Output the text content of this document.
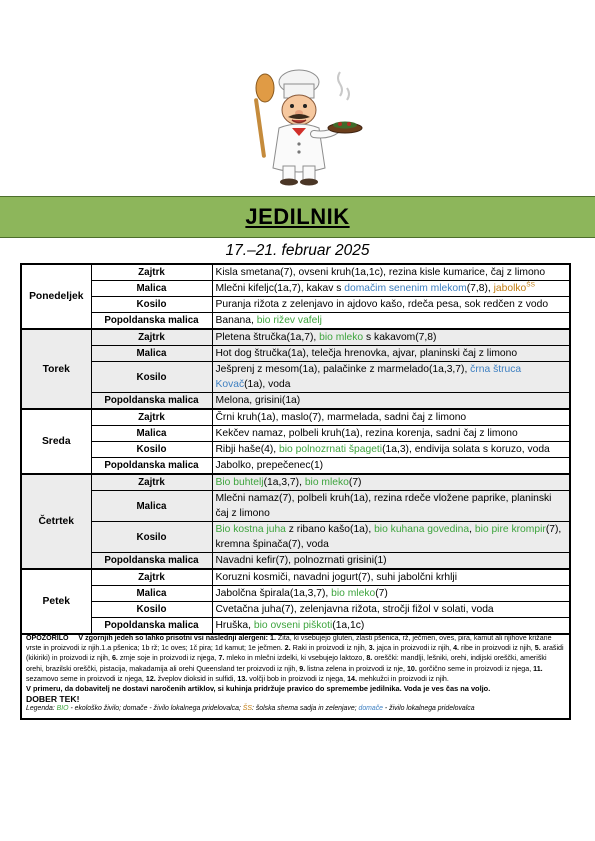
JEDILNIK
17.–21. februar 2025
Ponedeljek	Zajtrk	Kisla smetana(7), ovseni kruh(1a,1c), rezina kisle kumarice, čaj z limono
	Malica	Mlečni kifeljc(1a,7), kakav s domačim senenim mlekom(7,8), jabolko$^{ŠS}$
	Kosilo	Puranja rižota z zelenjavo in ajdovo kašo, rdeča pesa, sok redčen z vodo
	Popoldanska malica	Banana, bio rižev vafelj
Torek	Zajtrk	Pletena štručka(1a,7), bio mleko s kakavom(7,8)
	Malica	Hot dog štručka(1a), telečja hrenovka, ajvar, planinski čaj z limono
	Kosilo	Ješprenj z mesom(1a), palačinke z marmelado(1a,3,7), črna štruca Kovač(1a), voda
	Popoldanska malica	Melona, grisini(1a)
Sreda	Zajtrk	Črni kruh(1a), maslo(7), marmelada, sadni čaj z limono
	Malica	Kekčev namaz, polbeli kruh(1a), rezina korenja, sadni čaj z limono
	Kosilo	Ribji haše(4), bio polnozrnati špageti(1a,3), endivija solata s koruzo, voda
	Popoldanska malica	Jabolko, prepečenec(1)
Četrtek	Zajtrk	Bio buhtelj(1a,3,7), bio mleko(7)
	Malica	Mlečni namaz(7), polbeli kruh(1a), rezina rdeče vložene paprike, planinski čaj z limono
	Kosilo	Bio kostna juha z ribano kašo(1a), bio kuhana govedina, bio pire krompir(7), kremna špinača(7), voda
	Popoldanska malica	Navadni kefir(7), polnozrnati grisini(1)
Petek	Zajtrk	Koruzni kosmiči, navadni jogurt(7), suhi jabolčni krhlji
	Malica	Jabolčna špirala(1a,3,7), bio mleko(7)
	Kosilo	Cvetačna juha(7), zelenjavna rižota, stročji fižol v solati, voda
	Popoldanska malica	Hruška, bio ovseni piškoti(1a,1c)
OPOZORILO V zgornjih jedeh so lahko prisotni vsi naslednji alergeni: 1. Žita, ki vsebujejo gluten, zlasti pšenica, rž, ječmen, oves, pira, kamut ali njihove križane vrste in proizvodi iz njih.1.a pšenica; 1b rž; 1c oves; 1č pira; 1d kamut; 1e ječmen. 2. Raki in proizvodi iz njih, 3. jajca in proizvodi iz njih, 4. ribe in proizvodi iz njih, 5. arašidi (kikiriki) in proizvodi iz njih, 6. zrnje soje in proizvodi iz njega, 7. mleko in mlečni izdelki, ki vsebujejo laktozo, 8. oreščki: mandlji, lešniki, orehi, indijski oreščki, ameriški orehi, brazilski oreščki, pistacija, makadamija ali orehi Queensland ter proizvodi iz njih, 9. listna zelena in proizvodi iz nje, 10. gorčično seme in proizvodi iz njega, 11. sezamovo seme in proizvodi iz njega, 12. žveplov dioksid in sulfidi, 13. volčji bob in proizvodi iz njega, 14. mehkužci in proizvodi iz njih.
V primeru, da dobavitelj ne dostavi naročenih artiklov, si kuhinja pridržuje pravico do spremembe jedilnika. Voda je ves čas na voljo.
DOBER TEK!
Legenda: BIO - ekološko živilo; domače - živilo lokalnega pridelovalca; ŠS: šolska shema sadja in zelenjave; domače - živilo lokalnega pridelovalca
